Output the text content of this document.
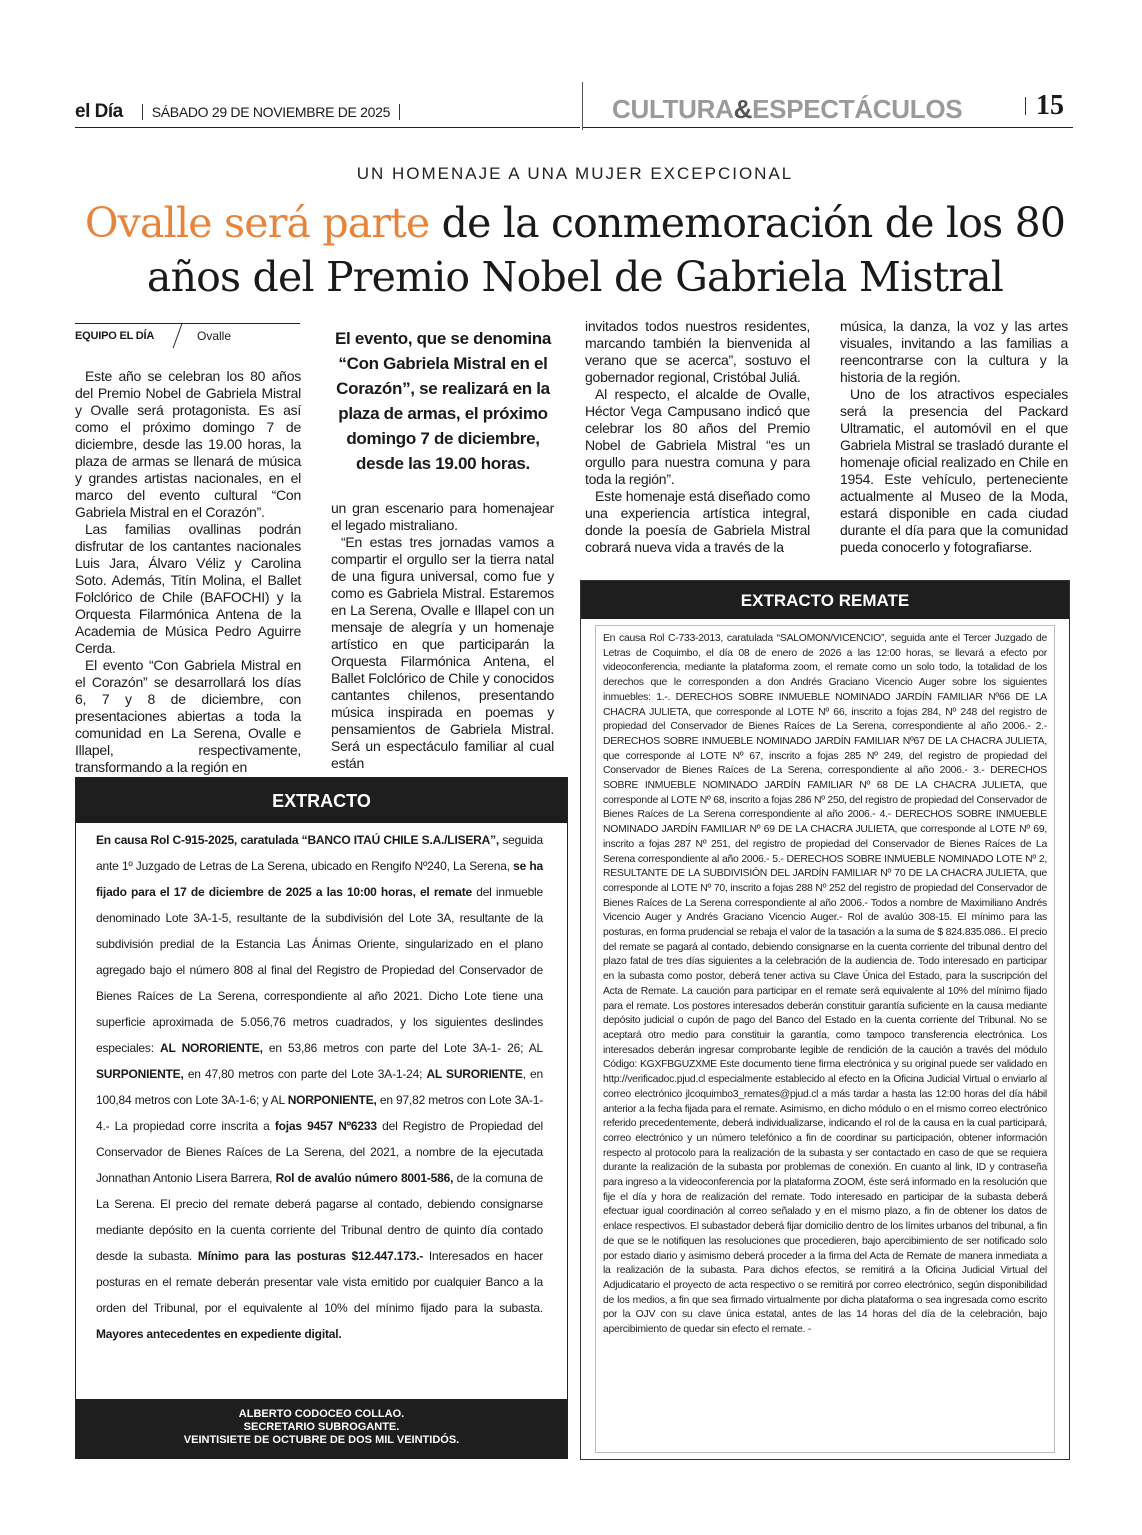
el Día SÁBADO 29 DE NOVIEMBRE DE 2025	CULTURA&ESPECTÁCULOS	15
UN HOMENAJE A UNA MUJER EXCEPCIONAL
Ovalle será parte de la conmemoración de los 80 años del Premio Nobel de Gabriela Mistral
EQUIPO EL DÍA	Ovalle

Este año se celebran los 80 años del Premio Nobel de Gabriela Mistral y Ovalle será protagonista. Es así como el próximo domingo 7 de diciembre, desde las 19.00 horas, la plaza de armas se llenará de música y grandes artistas nacionales, en el marco del evento cultural “Con Gabriela Mistral en el Corazón”.

Las familias ovallinas podrán disfrutar de los cantantes nacionales Luis Jara, Álvaro Véliz y Carolina Soto. Además, Titín Molina, el Ballet Folclórico de Chile (BAFOCHI) y la Orquesta Filarmónica Antena de la Academia de Música Pedro Aguirre Cerda.

El evento “Con Gabriela Mistral en el Corazón” se desarrollará los días 6, 7 y 8 de diciembre, con presentaciones abiertas a toda la comunidad en La Serena, Ovalle e Illapel, respectivamente, transformando a la región en

El evento, que se denomina “Con Gabriela Mistral en el Corazón”, se realizará en la plaza de armas, el próximo domingo 7 de diciembre, desde las 19.00 horas.

un gran escenario para homenajear el legado mistraliano.

“En estas tres jornadas vamos a compartir el orgullo ser la tierra natal de una figura universal, como fue y como es Gabriela Mistral. Estaremos en La Serena, Ovalle e Illapel con un mensaje de alegría y un homenaje artístico en que participarán la Orquesta Filarmónica Antena, el Ballet Folclórico de Chile y conocidos cantantes chilenos, presentando música inspirada en poemas y pensamientos de Gabriela Mistral. Será un espectáculo familiar al cual están

invitados todos nuestros residentes, marcando también la bienvenida al verano que se acerca”, sostuvo el gobernador regional, Cristóbal Juliá.

Al respecto, el alcalde de Ovalle, Héctor Vega Campusano indicó que celebrar los 80 años del Premio Nobel de Gabriela Mistral “es un orgullo para nuestra comuna y para toda la región”.

Este homenaje está diseñado como una experiencia artística integral, donde la poesía de Gabriela Mistral cobrará nueva vida a través de la

música, la danza, la voz y las artes visuales, invitando a las familias a reencontrarse con la cultura y la historia de la región.

Uno de los atractivos especiales será la presencia del Packard Ultramatic, el automóvil en el que Gabriela Mistral se trasladó durante el homenaje oficial realizado en Chile en 1954. Este vehículo, perteneciente actualmente al Museo de la Moda, estará disponible en cada ciudad durante el día para que la comunidad pueda conocerlo y fotografiarse.

EXTRACTO
En causa Rol C-915-2025, caratulada “BANCO ITAÚ CHILE S.A./LISERA”, seguida ante 1º Juzgado de Letras de La Serena, ubicado en Rengifo Nº240, La Serena, se ha fijado para el 17 de diciembre de 2025 a las 10:00 horas, el remate del inmueble denominado Lote 3A-1-5, resultante de la subdivisión del Lote 3A, resultante de la subdivisión predial de la Estancia Las Ánimas Oriente, singularizado en el plano agregado bajo el número 808 al final del Registro de Propiedad del Conservador de Bienes Raíces de La Serena, correspondiente al año 2021. Dicho Lote tiene una superficie aproximada de 5.056,76 metros cuadrados, y los siguientes deslindes especiales: AL NORORIENTE, en 53,86 metros con parte del Lote 3A-1- 26; AL SURPONIENTE, en 47,80 metros con parte del Lote 3A-1-24; AL SURORIENTE, en 100,84 metros con Lote 3A-1-6; y AL NORPONIENTE, en 97,82 metros con Lote 3A-1-4.- La propiedad corre inscrita a fojas 9457 Nº6233 del Registro de Propiedad del Conservador de Bienes Raíces de La Serena, del 2021, a nombre de la ejecutada Jonnathan Antonio Lisera Barrera, Rol de avalúo número 8001-586, de la comuna de La Serena. El precio del remate deberá pagarse al contado, debiendo consignarse mediante depósito en la cuenta corriente del Tribunal dentro de quinto día contado desde la subasta. Mínimo para las posturas $12.447.173.- Interesados en hacer posturas en el remate deberán presentar vale vista emitido por cualquier Banco a la orden del Tribunal, por el equivalente al 10% del mínimo fijado para la subasta. Mayores antecedentes en expediente digital.
ALBERTO CODOCEO COLLAO.
SECRETARIO SUBROGANTE.
VEINTISIETE DE OCTUBRE DE DOS MIL VEINTIDÓS.
EXTRACTO REMATE
En causa Rol C-733-2013, caratulada “SALOMON/VICENCIO”, seguida ante el Tercer Juzgado de Letras de Coquimbo, el día 08 de enero de 2026 a las 12:00 horas, se llevará a efecto por videoconferencia, mediante la plataforma zoom, el remate como un solo todo, la totalidad de los derechos que le corresponden a don Andrés Graciano Vicencio Auger sobre los siguientes inmuebles: 1.-. DERECHOS SOBRE INMUEBLE NOMINADO JARDÍN FAMILIAR Nº66 DE LA CHACRA JULIETA, que corresponde al LOTE Nº 66, inscrito a fojas 284, Nº 248 del registro de propiedad del Conservador de Bienes Raíces de La Serena, correspondiente al año 2006.- 2.- DERECHOS SOBRE INMUEBLE NOMINADO JARDÍN FAMILIAR Nº67 DE LA CHACRA JULIETA, que corresponde al LOTE Nº 67, inscrito a fojas 285 Nº 249, del registro de propiedad del Conservador de Bienes Raíces de La Serena, correspondiente al año 2006.- 3.- DERECHOS SOBRE INMUEBLE NOMINADO JARDÍN FAMILIAR Nº 68 DE LA CHACRA JULIETA, que corresponde al LOTE Nº 68, inscrito a fojas 286 Nº 250, del registro de propiedad del Conservador de Bienes Raíces de La Serena correspondiente al año 2006.- 4.- DERECHOS SOBRE INMUEBLE NOMINADO JARDÍN FAMILIAR Nº 69 DE LA CHACRA JULIETA, que corresponde al LOTE Nº 69, inscrito a fojas 287 Nº 251, del registro de propiedad del Conservador de Bienes Raíces de La Serena correspondiente al año 2006.- 5.- DERECHOS SOBRE INMUEBLE NOMINADO LOTE Nº 2, RESULTANTE DE LA SUBDIVISIÓN DEL JARDÍN FAMILIAR Nº 70 DE LA CHACRA JULIETA, que corresponde al LOTE Nº 70, inscrito a fojas 288 Nº 252 del registro de propiedad del Conservador de Bienes Raíces de La Serena correspondiente al año 2006.- Todos a nombre de Maximiliano Andrés Vicencio Auger y Andrés Graciano Vicencio Auger.- Rol de avalúo 308-15. El mínimo para las posturas, en forma prudencial se rebaja el valor de la tasación a la suma de $ 824.835.086.. El precio del remate se pagará al contado, debiendo consignarse en la cuenta corriente del tribunal dentro del plazo fatal de tres días siguientes a la celebración de la audiencia de. Todo interesado en participar en la subasta como postor, deberá tener activa su Clave Única del Estado, para la suscripción del Acta de Remate. La caución para participar en el remate será equivalente al 10% del mínimo fijado para el remate. Los postores interesados deberán constituir garantía suficiente en la causa mediante depósito judicial o cupón de pago del Banco del Estado en la cuenta corriente del Tribunal. No se aceptará otro medio para constituir la garantía, como tampoco transferencia electrónica. Los interesados deberán ingresar comprobante legible de rendición de la caución a través del módulo Código: KGXFBGUZXME Este documento tiene firma electrónica y su original puede ser validado en http://verificadoc.pjud.cl especialmente establecido al efecto en la Oficina Judicial Virtual o enviarlo al correo electrónico jlcoquimbo3_remates@pjud.cl a más tardar a hasta las 12:00 horas del día hábil anterior a la fecha fijada para el remate. Asimismo, en dicho módulo o en el mismo correo electrónico referido precedentemente, deberá individualizarse, indicando el rol de la causa en la cual participará, correo electrónico y un número telefónico a fin de coordinar su participación, obtener información respecto al protocolo para la realización de la subasta y ser contactado en caso de que se requiera durante la realización de la subasta por problemas de conexión. En cuanto al link, ID y contraseña para ingreso a la videoconferencia por la plataforma ZOOM, éste será informado en la resolución que fije el día y hora de realización del remate. Todo interesado en participar de la subasta deberá efectuar igual coordinación al correo señalado y en el mismo plazo, a fin de obtener los datos de enlace respectivos. El subastador deberá fijar domicilio dentro de los límites urbanos del tribunal, a fin de que se le notifiquen las resoluciones que procedieren, bajo apercibimiento de ser notificado solo por estado diario y asimismo deberá proceder a la firma del Acta de Remate de manera inmediata a la realización de la subasta. Para dichos efectos, se remitirá a la Oficina Judicial Virtual del Adjudicatario el proyecto de acta respectivo o se remitirá por correo electrónico, según disponibilidad de los medios, a fin que sea firmado virtualmente por dicha plataforma o sea ingresada como escrito por la OJV con su clave única estatal, antes de las 14 horas del día de la celebración, bajo apercibimiento de quedar sin efecto el remate. -
